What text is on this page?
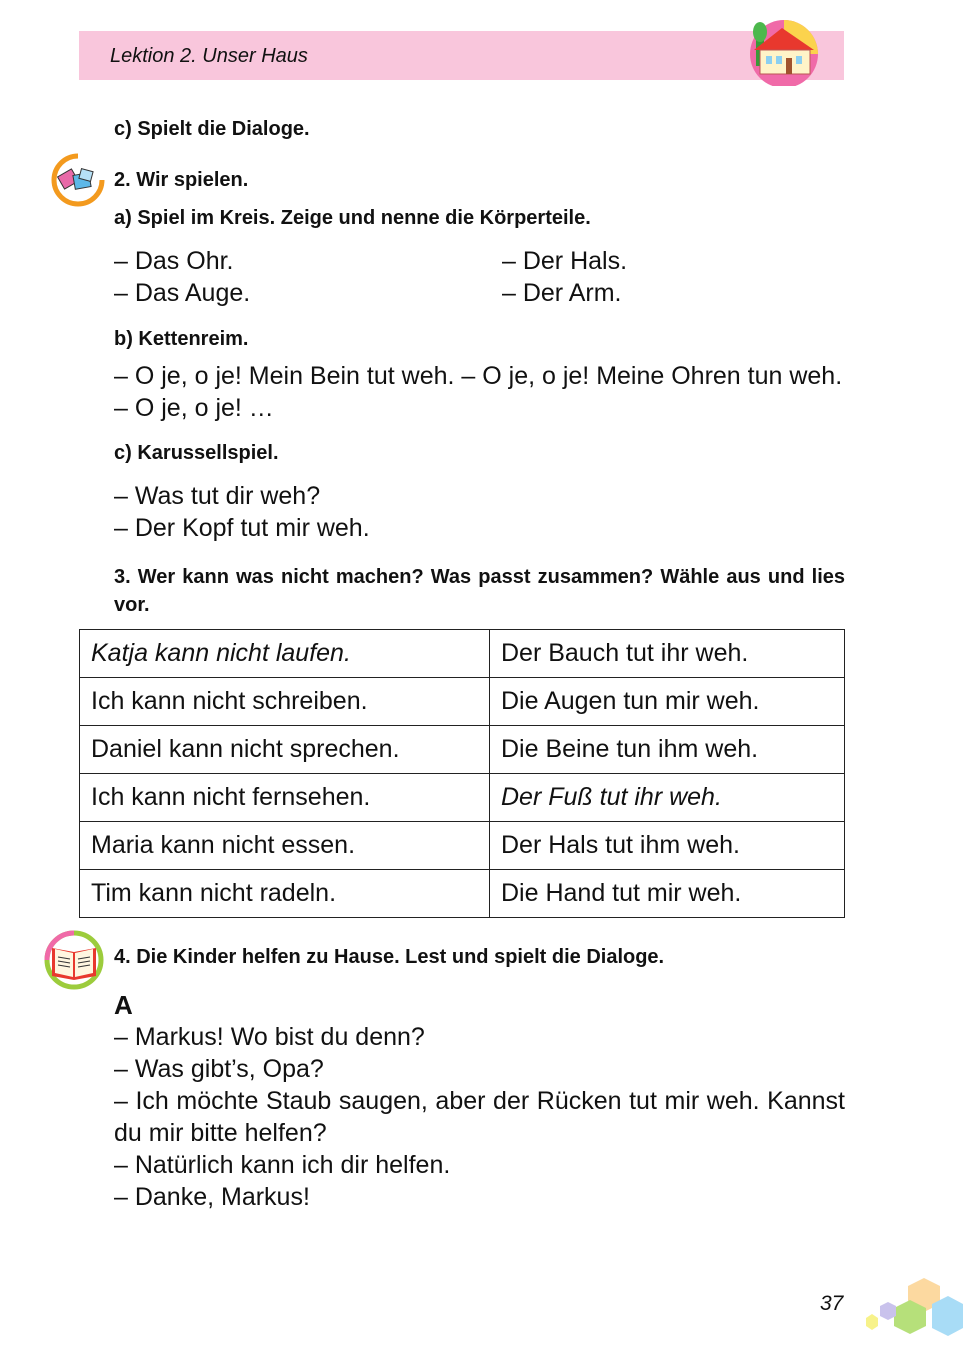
Lektion 2. Unser Haus
c) Spielt die Dialoge.
2. Wir spielen.
a) Spiel im Kreis. Zeige und nenne die Körperteile.
– Das Ohr.
– Das Auge.
– Der Hals.
– Der Arm.
b) Kettenreim.
– O je, o je! Mein Bein tut weh. – O je, o je! Meine Ohren tun weh. – O je, o je! …
c) Karussellspiel.
– Was tut dir weh?
– Der Kopf tut mir weh.
3. Wer kann was nicht machen? Was passt zusammen? Wähle aus und lies vor.
Katja kann nicht laufen.	Der Bauch tut ihr weh.
Ich kann nicht schreiben.	Die Augen tun mir weh.
Daniel kann nicht sprechen.	Die Beine tun ihm weh.
Ich kann nicht fernsehen.	Der Fuß tut ihr weh.
Maria kann nicht essen.	Der Hals tut ihm weh.
Tim kann nicht radeln.	Die Hand tut mir weh.
4. Die Kinder helfen zu Hause. Lest und spielt die Dialoge.
A
– Markus! Wo bist du denn?
– Was gibt’s, Opa?
– Ich möchte Staub saugen, aber der Rücken tut mir weh. Kannst du mir bitte helfen?
– Natürlich kann ich dir helfen.
– Danke, Markus!
37
